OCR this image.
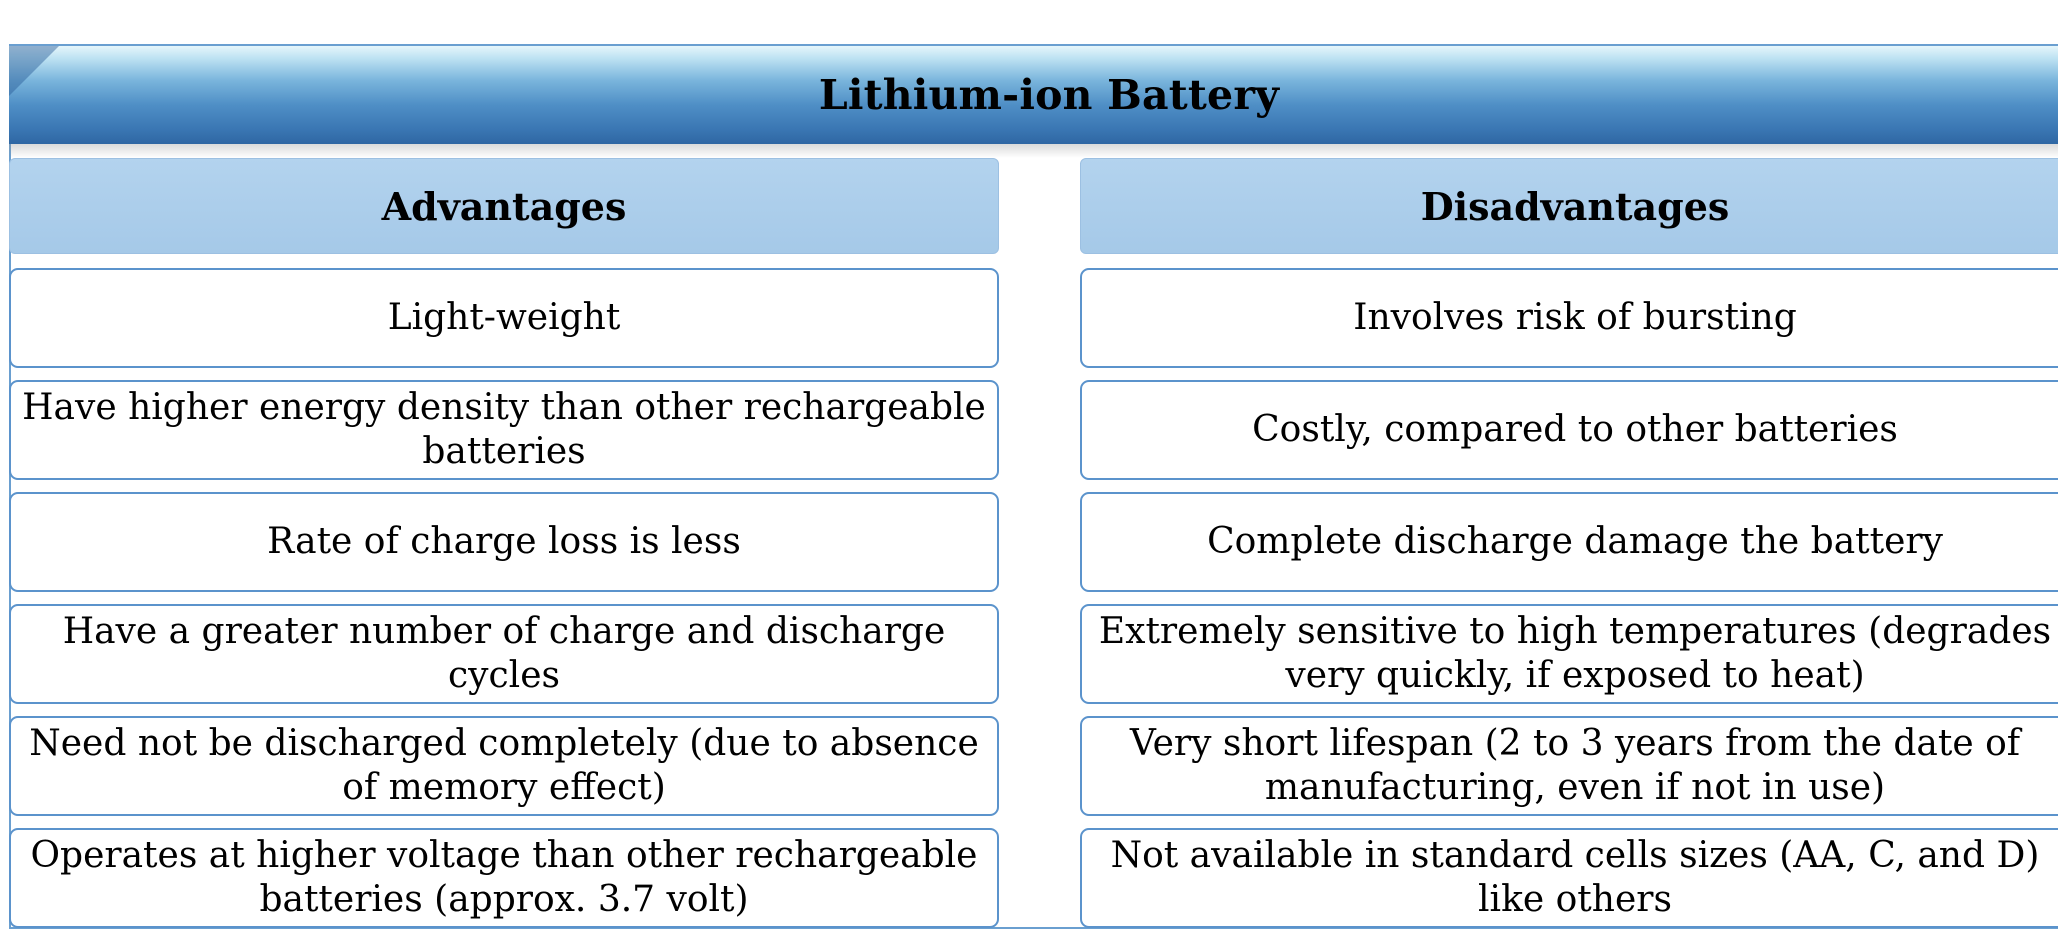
Lithium-ion Battery
Advantages
Light-weight
Have higher energy density than other rechargeable batteries
Rate of charge loss is less
Have a greater number of charge and discharge cycles
Need not be discharged completely (due to absence of memory effect)
Operates at higher voltage than other rechargeable batteries (approx. 3.7 volt)
Disadvantages
Involves risk of bursting
Costly, compared to other batteries
Complete discharge damage the battery
Extremely sensitive to high temperatures (degrades very quickly, if exposed to heat)
Very short lifespan (2 to 3 years from the date of manufacturing, even if not in use)
Not available in standard cells sizes (AA, C, and D) like others
